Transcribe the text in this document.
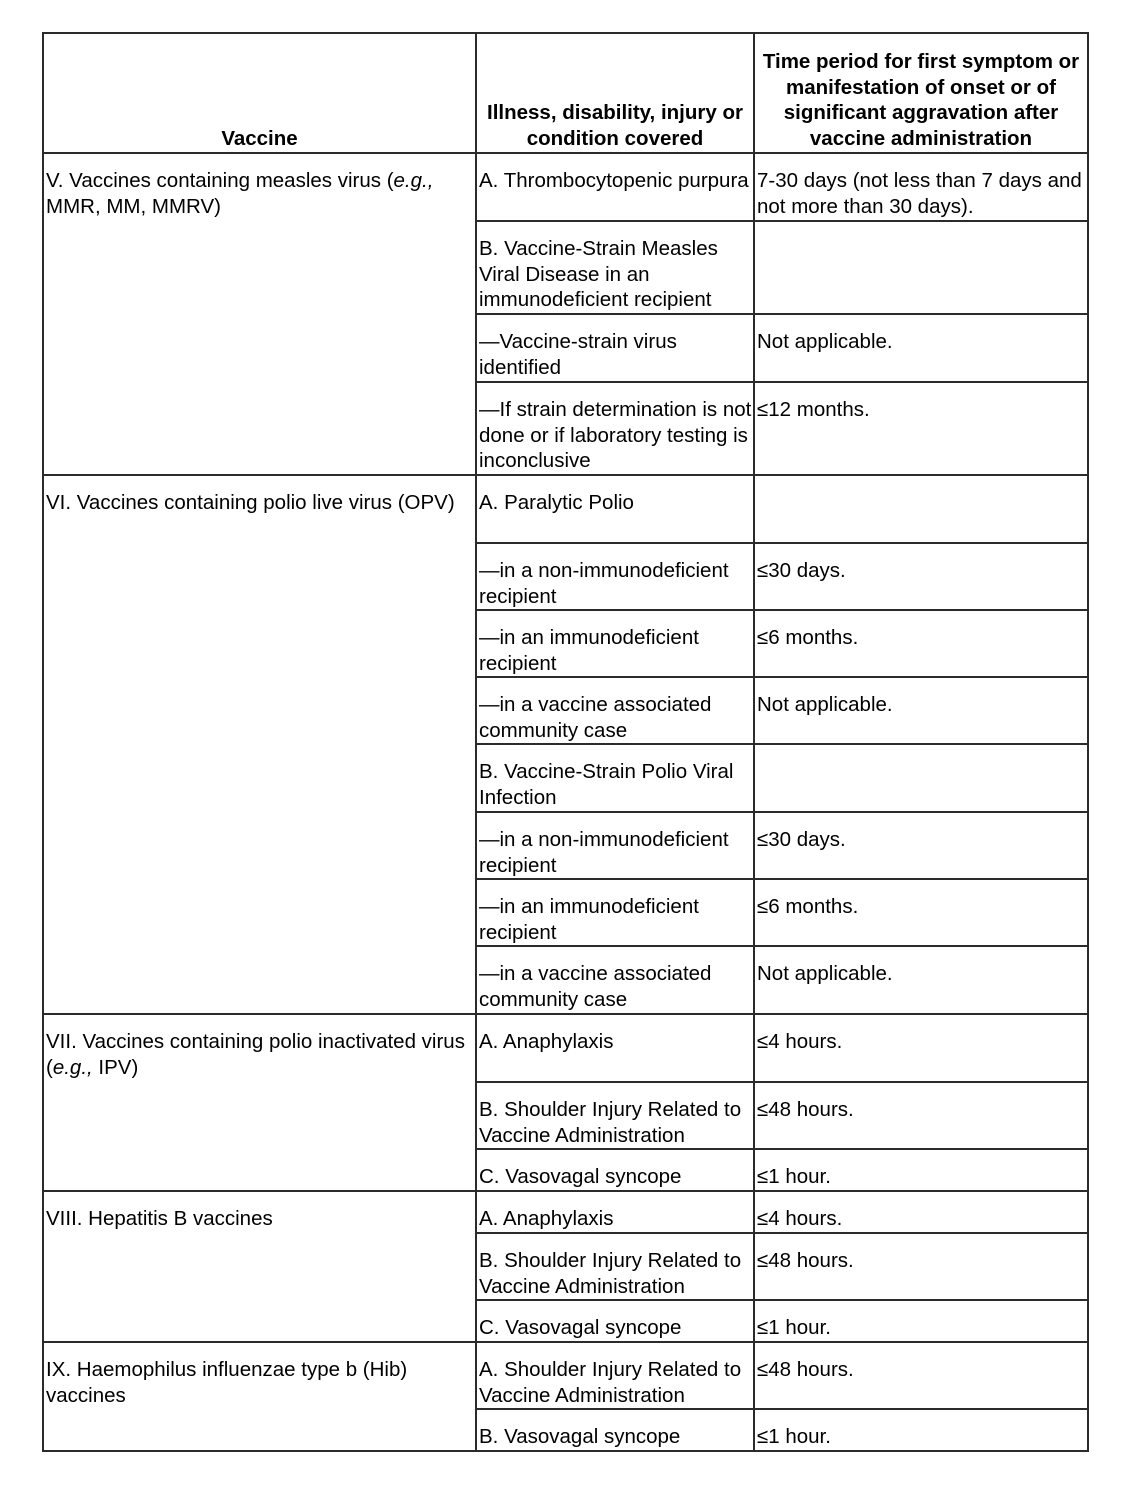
Vaccine	Illness, disability, injury or condition covered	Time period for first symptom or manifestation of onset or of significant aggravation after vaccine administration

V. Vaccines containing measles virus (e.g., MMR, MM, MMRV)	A. Thrombocytopenic purpura	7-30 days (not less than 7 days and not more than 30 days).

	B. Vaccine-Strain Measles Viral Disease in an immunodeficient recipient	

	—Vaccine-strain virus identified	Not applicable.

	—If strain determination is not done or if laboratory testing is inconclusive	≤12 months.

VI. Vaccines containing polio live virus (OPV)	A. Paralytic Polio	

	—in a non-immunodeficient recipient	≤30 days.

	—in an immunodeficient recipient	≤6 months.

	—in a vaccine associated community case	Not applicable.

	B. Vaccine-Strain Polio Viral Infection	

	—in a non-immunodeficient recipient	≤30 days.

	—in an immunodeficient recipient	≤6 months.

	—in a vaccine associated community case	Not applicable.

VII. Vaccines containing polio inactivated virus (e.g., IPV)	A. Anaphylaxis	≤4 hours.

	B. Shoulder Injury Related to Vaccine Administration	≤48 hours.

	C. Vasovagal syncope	≤1 hour.

VIII. Hepatitis B vaccines	A. Anaphylaxis	≤4 hours.

	B. Shoulder Injury Related to Vaccine Administration	≤48 hours.

	C. Vasovagal syncope	≤1 hour.

IX. Haemophilus influenzae type b (Hib) vaccines	A. Shoulder Injury Related to Vaccine Administration	≤48 hours.

	B. Vasovagal syncope	≤1 hour.
